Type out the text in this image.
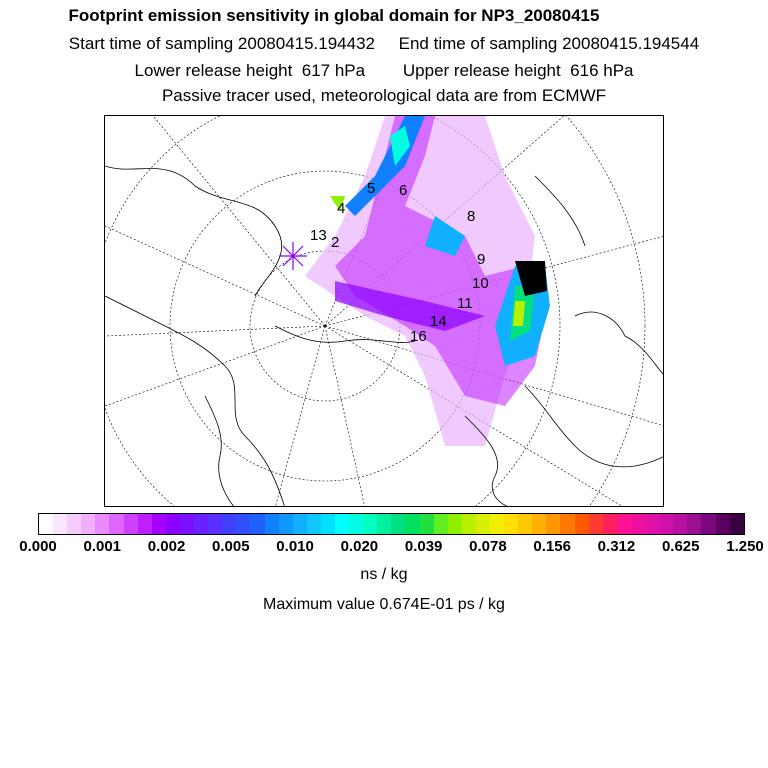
Footprint emission sensitivity in global domain for NP3_20080415
Start time of sampling 20080415.194432     End time of sampling 20080415.194544
Lower release height  617 hPa        Upper release height  616 hPa
Passive tracer used, meteorological data are from ECMWF
4
5 6
8
13 2
9
10
11
14
16
0.000 0.001 0.002 0.005 0.010 0.020 0.039 0.078 0.156 0.312 0.625 1.250
ns / kg
Maximum value 0.674E-01 ps / kg
